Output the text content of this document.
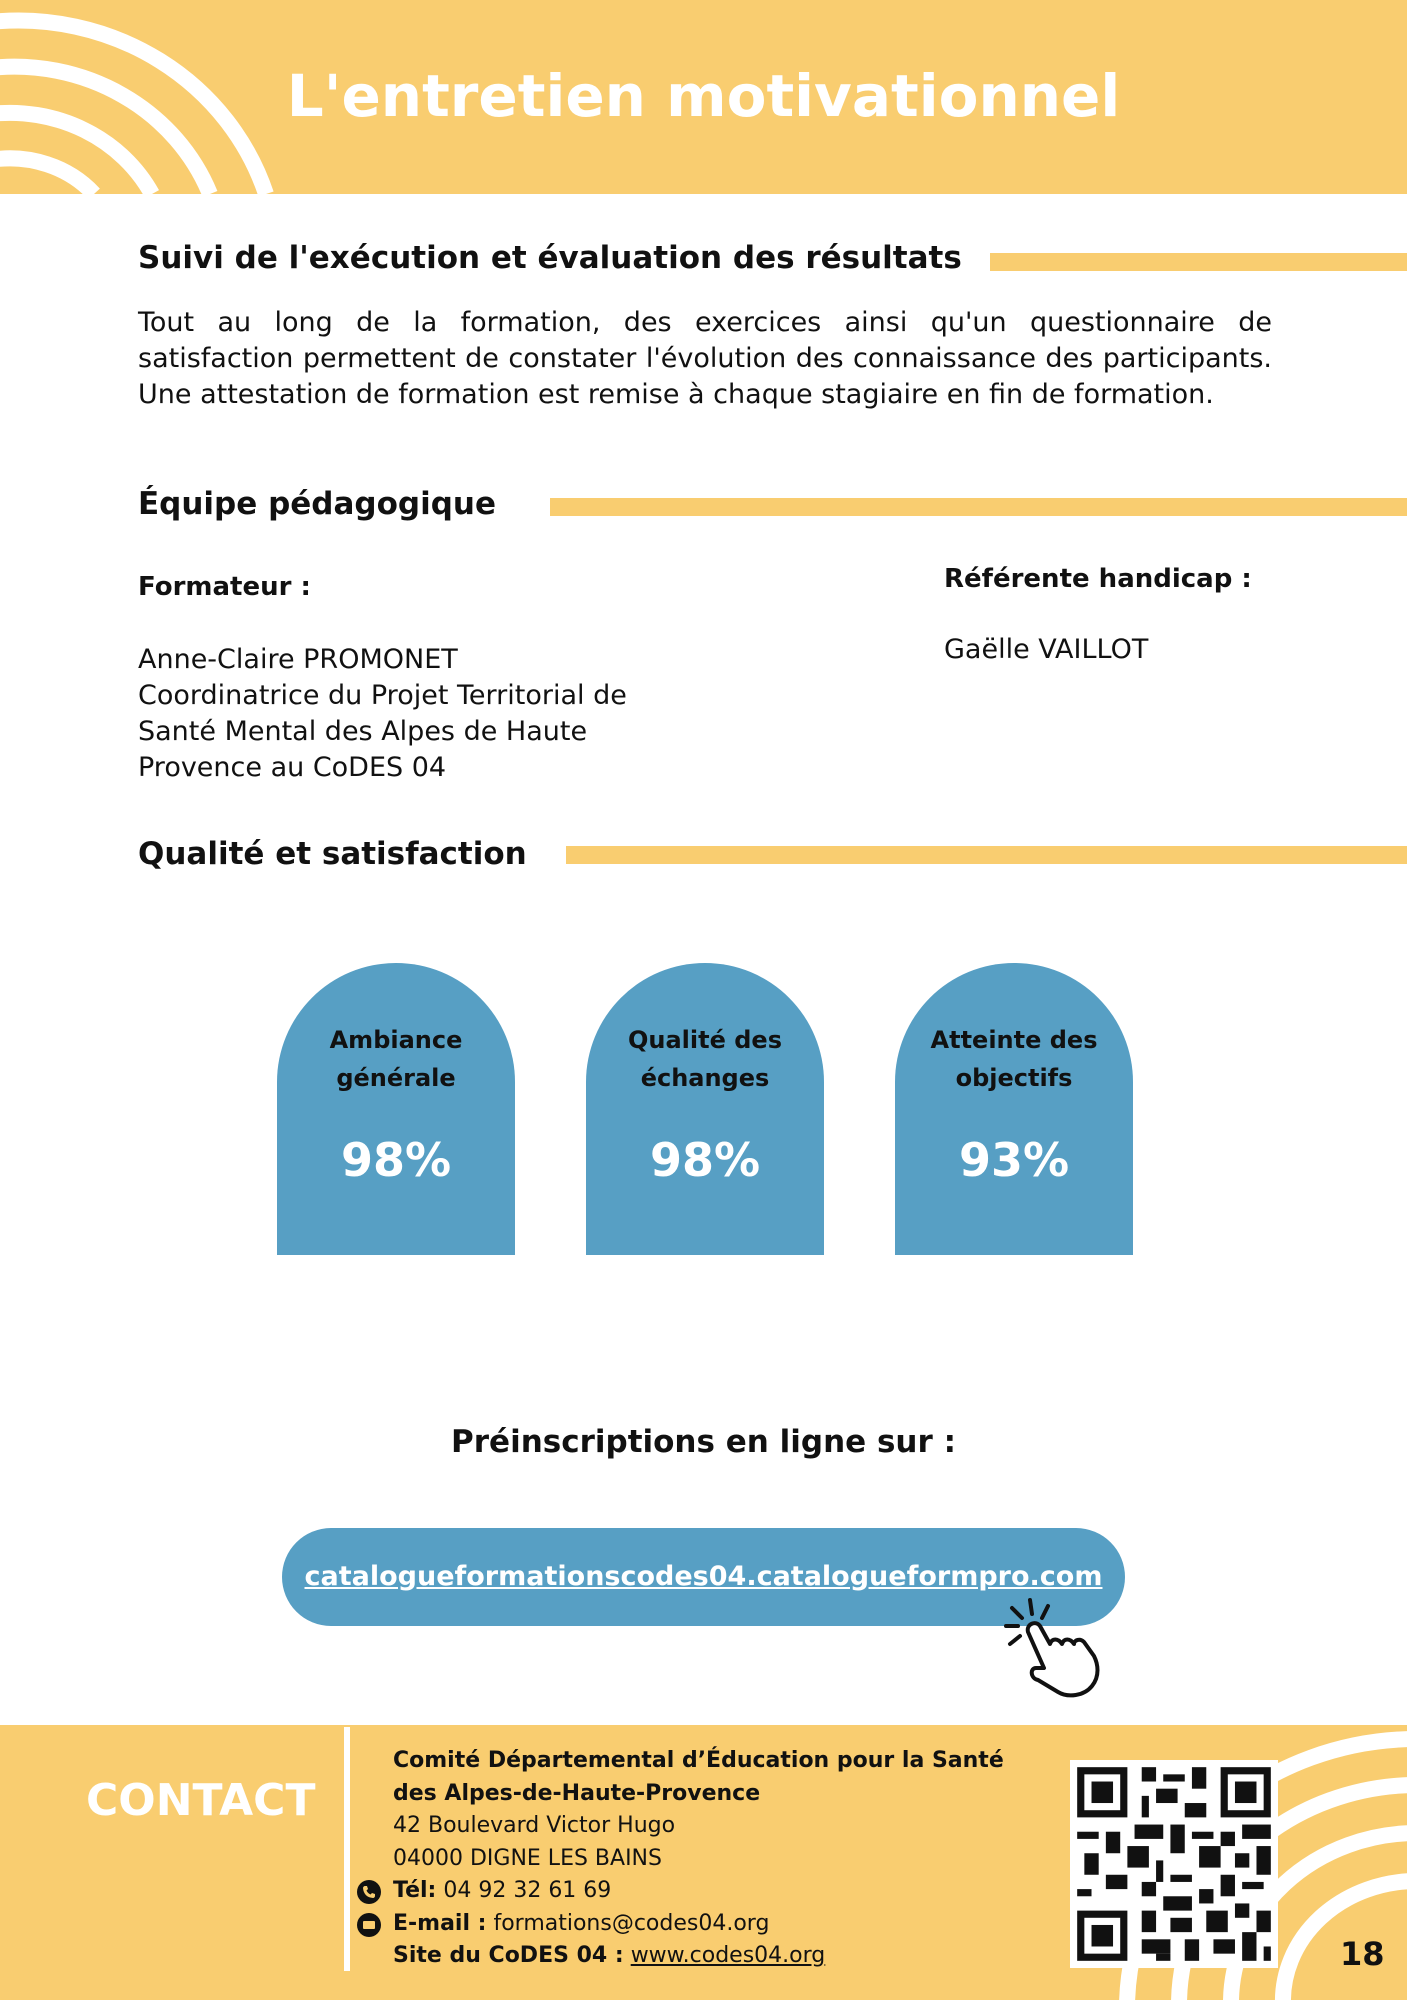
L'entretien motivationnel
Suivi de l'exécution et évaluation des résultats
Tout au long de la formation, des exercices ainsi qu'un questionnaire de satisfaction permettent de constater l'évolution des connaissance des participants. Une attestation de formation est remise à chaque stagiaire en fin de formation.
Équipe pédagogique
Formateur :
Anne-Claire PROMONET
Coordinatrice du Projet Territorial de
Santé Mental des Alpes de Haute
Provence au CoDES 04
Référente handicap :
Gaëlle VAILLOT
Qualité et satisfaction
Ambiance
générale
98%
Qualité des
échanges
98%
Atteinte des
objectifs
93%
Préinscriptions en ligne sur :
catalogueformationscodes04.catalogueformpro.com
CONTACT
Comité Départemental d’Éducation pour la Santé
des Alpes-de-Haute-Provence
42 Boulevard Victor Hugo
04000 DIGNE LES BAINS
Tél: 04 92 32 61 69
E-mail : formations@codes04.org
Site du CoDES 04 : www.codes04.org	18
